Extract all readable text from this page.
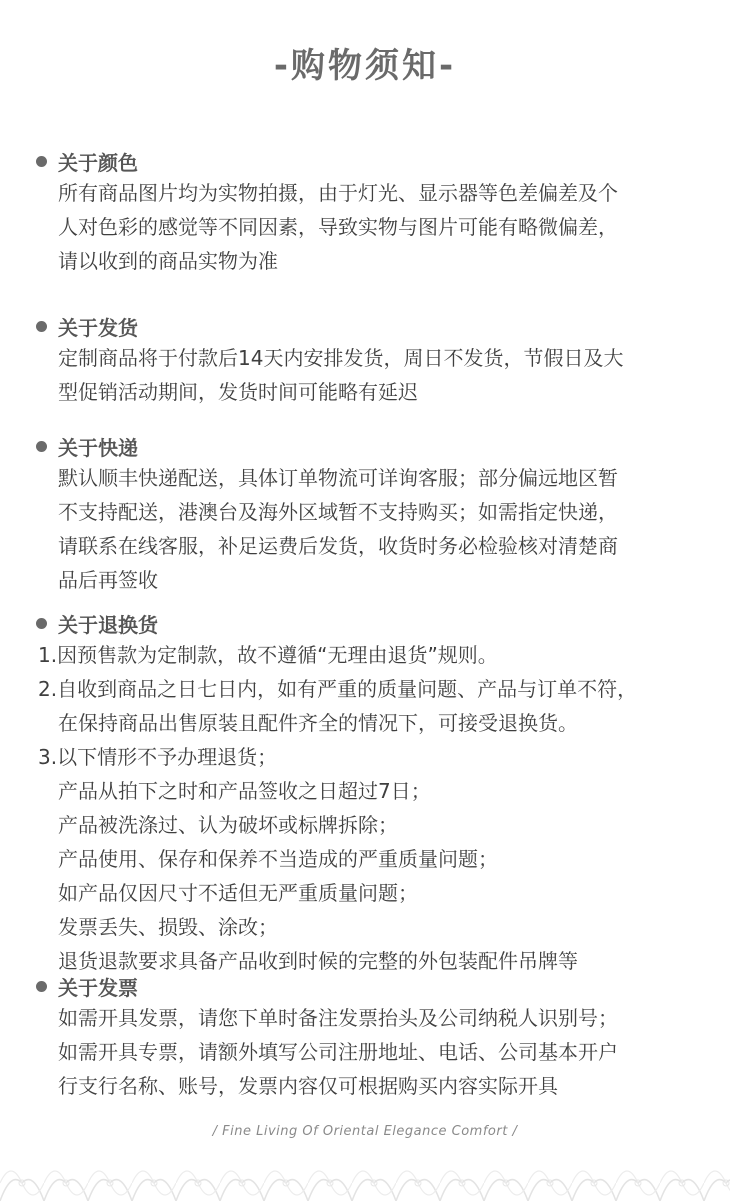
-购物须知-
关于颜色
所有商品图片均为实物拍摄，由于灯光、显示器等色差偏差及个
人对色彩的感觉等不同因素，导致实物与图片可能有略微偏差，
请以收到的商品实物为准
关于发货
定制商品将于付款后14天内安排发货，周日不发货，节假日及大
型促销活动期间，发货时间可能略有延迟
关于快递
默认顺丰快递配送，具体订单物流可详询客服；部分偏远地区暂
不支持配送，港澳台及海外区域暂不支持购买；如需指定快递，
请联系在线客服，补足运费后发货，收货时务必检验核对清楚商
品后再签收
关于退换货
1.因预售款为定制款，故不遵循“无理由退货”规则。
2.自收到商品之日七日内，如有严重的质量问题、产品与订单不符，
在保持商品出售原装且配件齐全的情况下，可接受退换货。
3.以下情形不予办理退货；
产品从拍下之时和产品签收之日超过7日；
产品被洗涤过、认为破坏或标牌拆除；
产品使用、保存和保养不当造成的严重质量问题；
如产品仅因尺寸不适但无严重质量问题；
发票丢失、损毁、涂改；
退货退款要求具备产品收到时候的完整的外包装配件吊牌等
关于发票
如需开具发票，请您下单时备注发票抬头及公司纳税人识别号；
如需开具专票，请额外填写公司注册地址、电话、公司基本开户
行支行名称、账号，发票内容仅可根据购买内容实际开具
/ Fine Living Of Oriental Elegance Comfort /
